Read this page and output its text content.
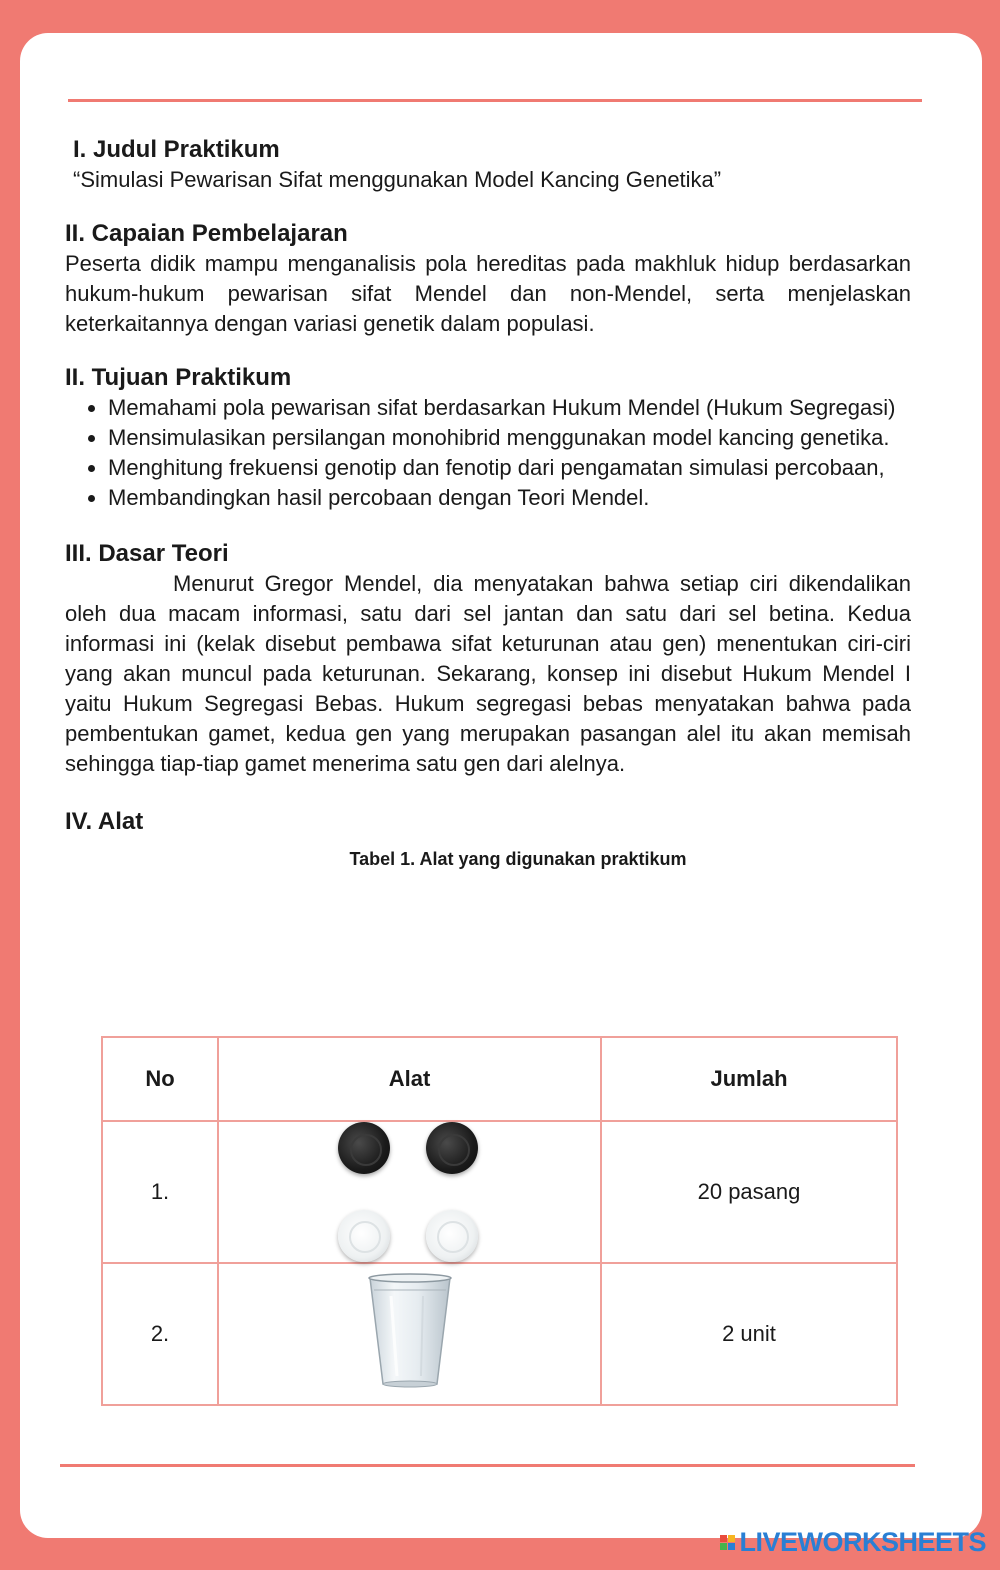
I. Judul Praktikum

“Simulasi Pewarisan Sifat menggunakan Model Kancing Genetika”

II. Capaian Pembelajaran

Peserta didik mampu menganalisis pola hereditas pada makhluk hidup berdasarkan hukum-hukum pewarisan sifat Mendel dan non-Mendel, serta menjelaskan keterkaitannya dengan variasi genetik dalam populasi.

II. Tujuan Praktikum
• Memahami pola pewarisan sifat berdasarkan Hukum Mendel (Hukum Segregasi)
• Mensimulasikan persilangan monohibrid menggunakan model kancing genetika.
• Menghitung frekuensi genotip dan fenotip dari pengamatan simulasi percobaan,
• Membandingkan hasil percobaan dengan Teori Mendel.
III. Dasar Teori

Menurut Gregor Mendel, dia menyatakan bahwa setiap ciri dikendalikan oleh dua macam informasi, satu dari sel jantan dan satu dari sel betina. Kedua informasi ini (kelak disebut pembawa sifat keturunan atau gen) menentukan ciri-ciri yang akan muncul pada keturunan. Sekarang, konsep ini disebut Hukum Mendel I yaitu Hukum Segregasi Bebas. Hukum segregasi bebas menyatakan bahwa pada pembentukan gamet, kedua gen yang merupakan pasangan alel itu akan memisah sehingga tiap-tiap gamet menerima satu gen dari alelnya.

IV. Alat

Tabel 1. Alat yang digunakan praktikum

No	Alat	Jumlah
1.		20 pasang
2.		2 unit
LIVEWORKSHEETS
